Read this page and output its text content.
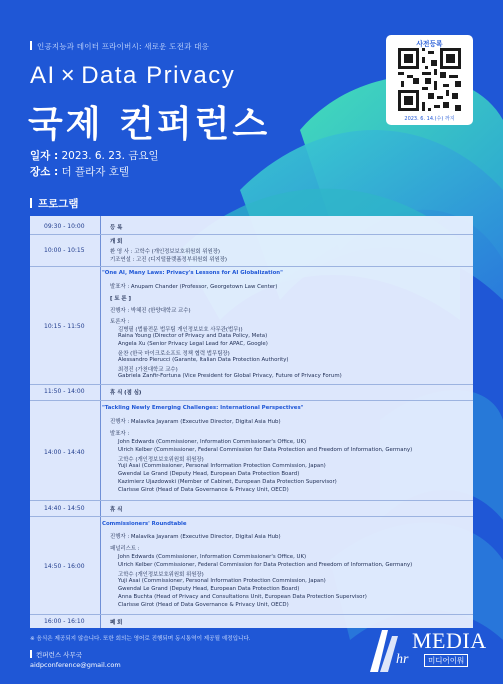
인공지능과 데이터 프라이버시: 새로운 도전과 대응
AI × Data Privacy
국제 컨퍼런스
일자 : 2023. 6. 23. 금요일
장소 : 더 플라자 호텔
사전등록
2023. 6. 14.(수) 까지
프로그램
09:30 - 10:00	등 록
10:00 - 10:15
개 회
환 영 사 : 고학수 (개인정보보호위원회 위원장)
기조연설 : 고진 (디지털플랫폼정부위원회 위원장)
10:15 - 11:50
"One AI, Many Laws: Privacy's Lessons for AI Globalization"
발표자 : Anupam Chander (Professor, Georgetown Law Center)
[ 토 론 ]
진행자 : 박혜진 (한양대학교 교수)
토론자 :
김병필 (법률전문 법무팀 개인정보보호 사무관(법무))
Raina Young (Director of Privacy and Data Policy, Meta)
Angela Xu (Senior Privacy Legal Lead for APAC, Google)
윤찬 (한국 마이크로소프트 정책 협력 법무팀장)
Alessandro Pierucci (Garante, Italian Data Protection Authority)
최경진 (가천대학교 교수)
Gabriela Zanfir-Fortuna (Vice President for Global Privacy, Future of Privacy Forum)
11:50 - 14:00	휴 식 (점 심)
14:00 - 14:40
"Tackling Newly Emerging Challenges: International Perspectives"
진행자 : Malavika Jayaram (Executive Director, Digital Asia Hub)
발표자 :
John Edwards (Commissioner, Information Commissioner's Office, UK)
Ulrich Kelber (Commissioner, Federal Commission for Data Protection and Freedom of Information, Germany)
고학수 (개인정보보호위원회 위원장)
Yuji Asai (Commissioner, Personal Information Protection Commission, Japan)
Gwendal Le Grand (Deputy Head, European Data Protection Board)
Kazimierz Ujazdowski (Member of Cabinet, European Data Protection Supervisor)
Clarisse Girot (Head of Data Governance & Privacy Unit, OECD)
14:40 - 14:50	휴 식
14:50 - 16:00
Commissioners' Roundtable
진행자 : Malavika Jayaram (Executive Director, Digital Asia Hub)
패널리스트 :
John Edwards (Commissioner, Information Commissioner's Office, UK)
Ulrich Kelber (Commissioner, Federal Commission for Data Protection and Freedom of Information, Germany)
고학수 (개인정보보호위원회 위원장)
Yuji Asai (Commissioner, Personal Information Protection Commission, Japan)
Gwendal Le Grand (Deputy Head, European Data Protection Board)
Anna Buchta (Head of Privacy and Consultations Unit, European Data Protection Supervisor)
Clarisse Girot (Head of Data Governance & Privacy Unit, OECD)
16:00 - 16:10	폐 회
※ 음식은 제공되지 않습니다. 또한 회의는 영어로 진행되며 동시통역이 제공될 예정입니다.
컨퍼런스 사무국
aidpconference@gmail.com
MEDIA
hr	미디어이워
